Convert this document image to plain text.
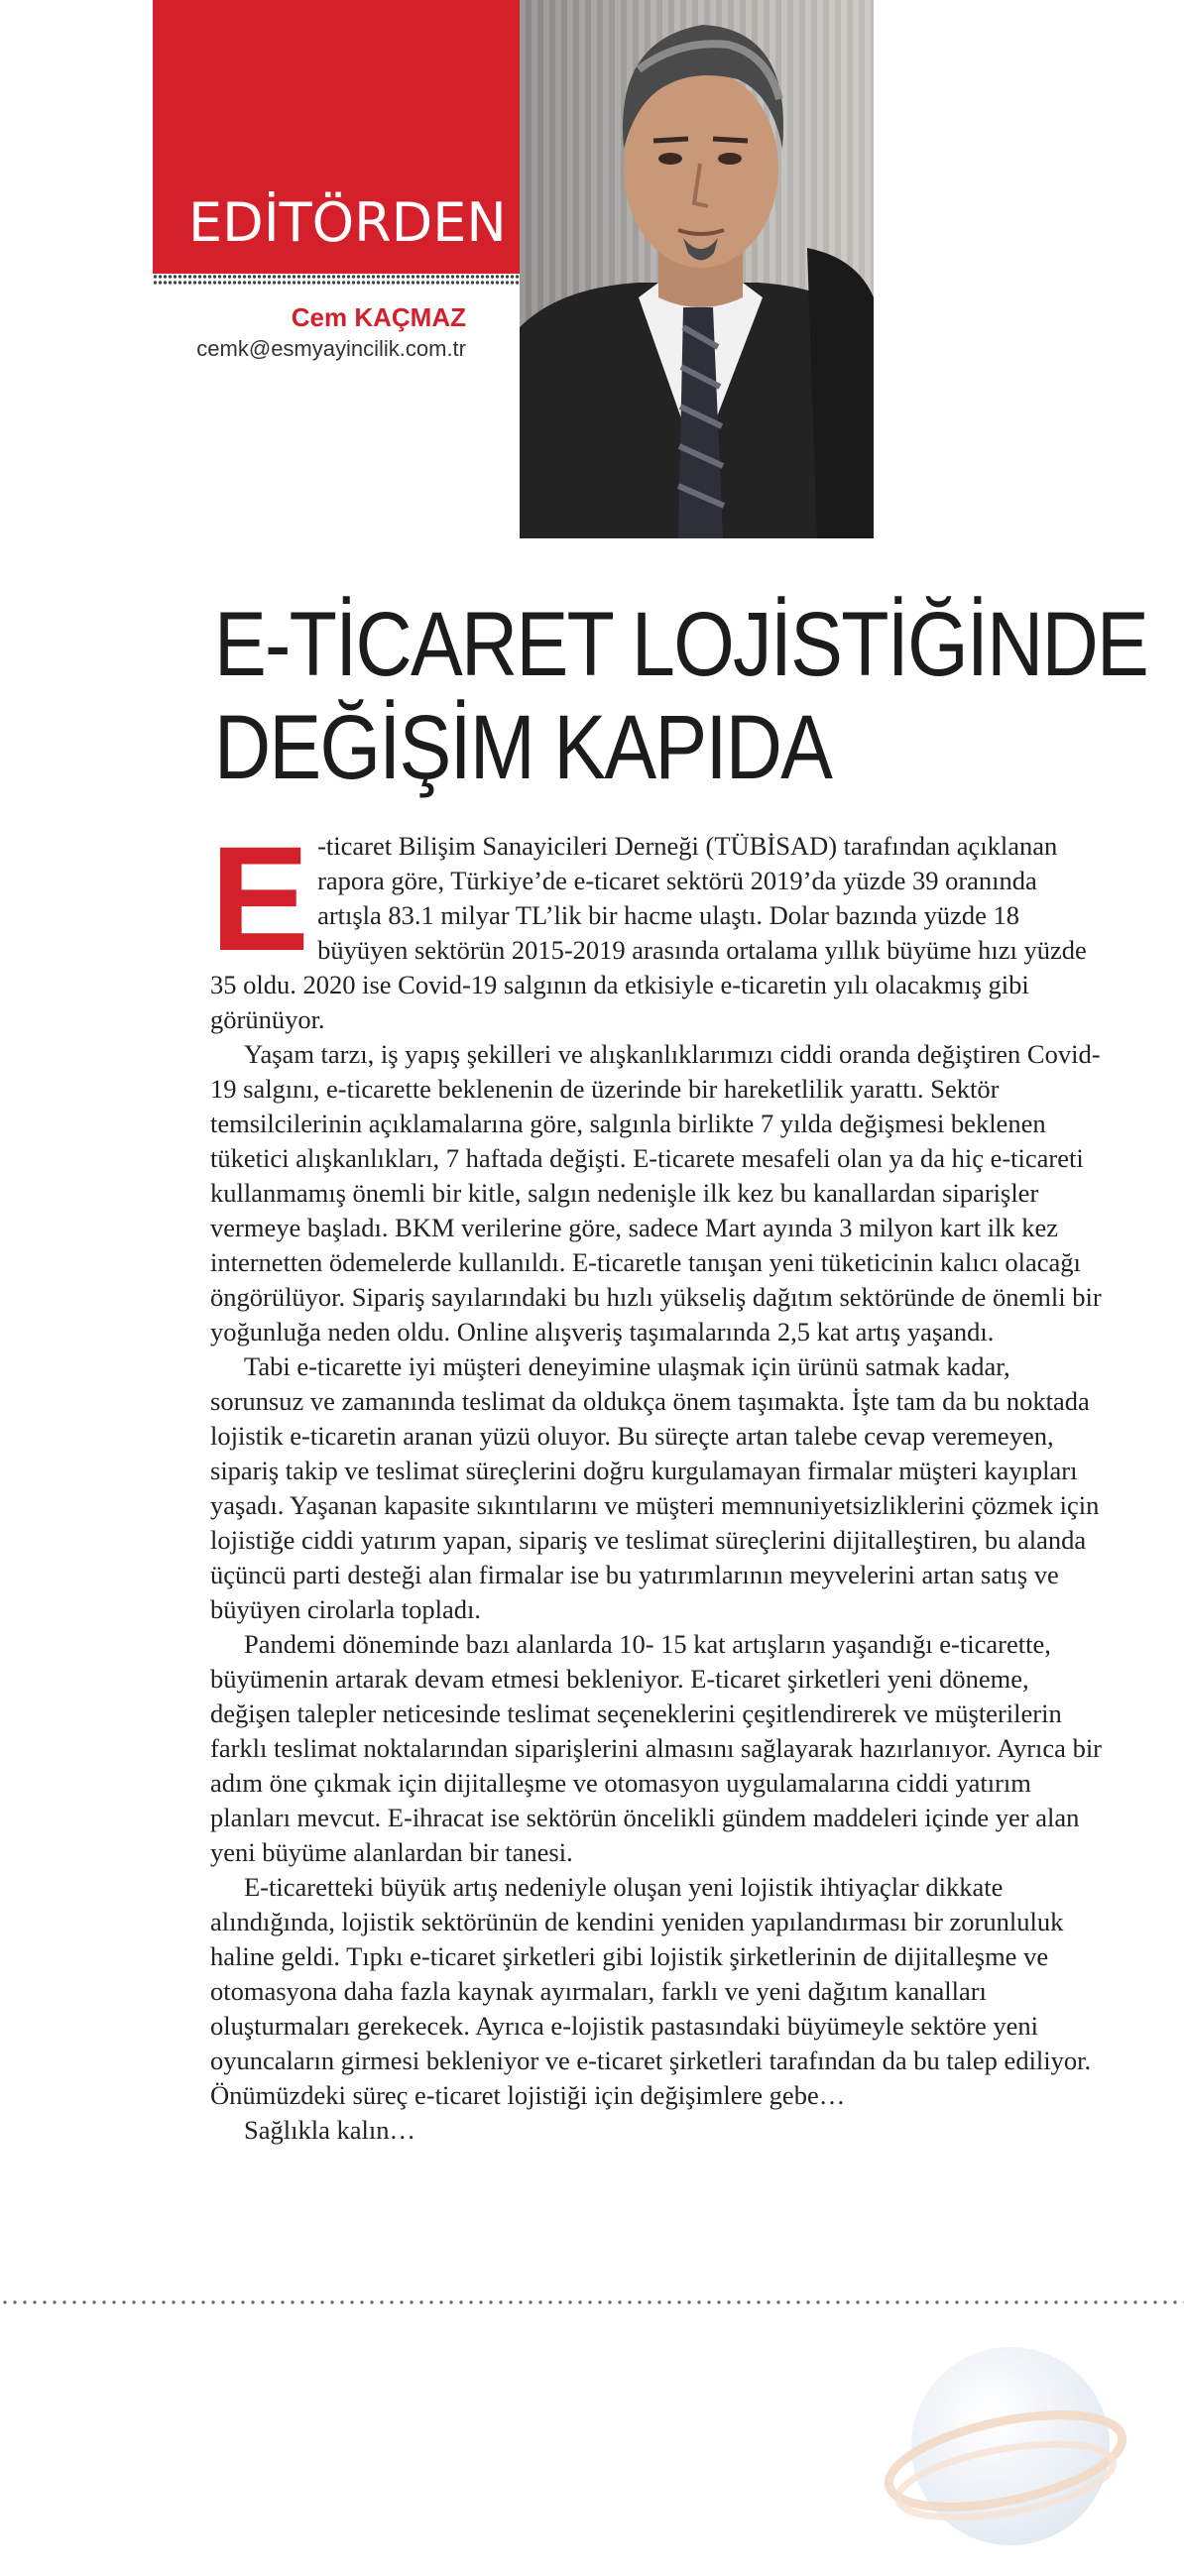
EDİTÖRDEN
Cem KAÇMAZ
cemk@esmyayincilik.com.tr
E-TİCARET LOJİSTİĞİNDE
DEĞİŞİM KAPIDA

E -ticaret Bilişim Sanayicileri Derneği (TÜBİSAD) tarafından açıklanan rapora göre, Türkiye’de e-ticaret sektörü 2019’da yüzde 39 oranında artışla 83.1 milyar TL’lik bir hacme ulaştı. Dolar bazında yüzde 18 büyüyen sektörün 2015-2019 arasında ortalama yıllık büyüme hızı yüzde 35 oldu. 2020 ise Covid-19 salgının da etkisiyle e-ticaretin yılı olacakmış gibi görünüyor.

Yaşam tarzı, iş yapış şekilleri ve alışkanlıklarımızı ciddi oranda değiştiren Covid-19 salgını, e-ticarette beklenenin de üzerinde bir hareketlilik yarattı. Sektör temsilcilerinin açıklamalarına göre, salgınla birlikte 7 yılda değişmesi beklenen tüketici alışkanlıkları, 7 haftada değişti. E-ticarete mesafeli olan ya da hiç e-ticareti kullanmamış önemli bir kitle, salgın nedenişle ilk kez bu kanallardan siparişler vermeye başladı. BKM verilerine göre, sadece Mart ayında 3 milyon kart ilk kez internetten ödemelerde kullanıldı. E-ticaretle tanışan yeni tüketicinin kalıcı olacağı öngörülüyor. Sipariş sayılarındaki bu hızlı yükseliş dağıtım sektöründe de önemli bir yoğunluğa neden oldu. Online alışveriş taşımalarında 2,5 kat artış yaşandı.

Tabi e-ticarette iyi müşteri deneyimine ulaşmak için ürünü satmak kadar, sorunsuz ve zamanında teslimat da oldukça önem taşımakta. İşte tam da bu noktada lojistik e-ticaretin aranan yüzü oluyor. Bu süreçte artan talebe cevap veremeyen, sipariş takip ve teslimat süreçlerini doğru kurgulamayan firmalar müşteri kayıpları yaşadı. Yaşanan kapasite sıkıntılarını ve müşteri memnuniyetsizliklerini çözmek için lojistiğe ciddi yatırım yapan, sipariş ve teslimat süreçlerini dijitalleştiren, bu alanda üçüncü parti desteği alan firmalar ise bu yatırımlarının meyvelerini artan satış ve büyüyen cirolarla topladı.

Pandemi döneminde bazı alanlarda 10- 15 kat artışların yaşandığı e-ticarette, büyümenin artarak devam etmesi bekleniyor. E-ticaret şirketleri yeni döneme, değişen talepler neticesinde teslimat seçeneklerini çeşitlendirerek ve müşterilerin farklı teslimat noktalarından siparişlerini almasını sağlayarak hazırlanıyor. Ayrıca bir adım öne çıkmak için dijitalleşme ve otomasyon uygulamalarına ciddi yatırım planları mevcut. E-ihracat ise sektörün öncelikli gündem maddeleri içinde yer alan yeni büyüme alanlardan bir tanesi.

E-ticaretteki büyük artış nedeniyle oluşan yeni lojistik ihtiyaçlar dikkate alındığında, lojistik sektörünün de kendini yeniden yapılandırması bir zorunluluk haline geldi. Tıpkı e-ticaret şirketleri gibi lojistik şirketlerinin de dijitalleşme ve otomasyona daha fazla kaynak ayırmaları, farklı ve yeni dağıtım kanalları oluşturmaları gerekecek. Ayrıca e-lojistik pastasındaki büyümeyle sektöre yeni oyuncaların girmesi bekleniyor ve e-ticaret şirketleri tarafından da bu talep ediliyor. Önümüzdeki süreç e-ticaret lojistiği için değişimlere gebe…

Sağlıkla kalın…
